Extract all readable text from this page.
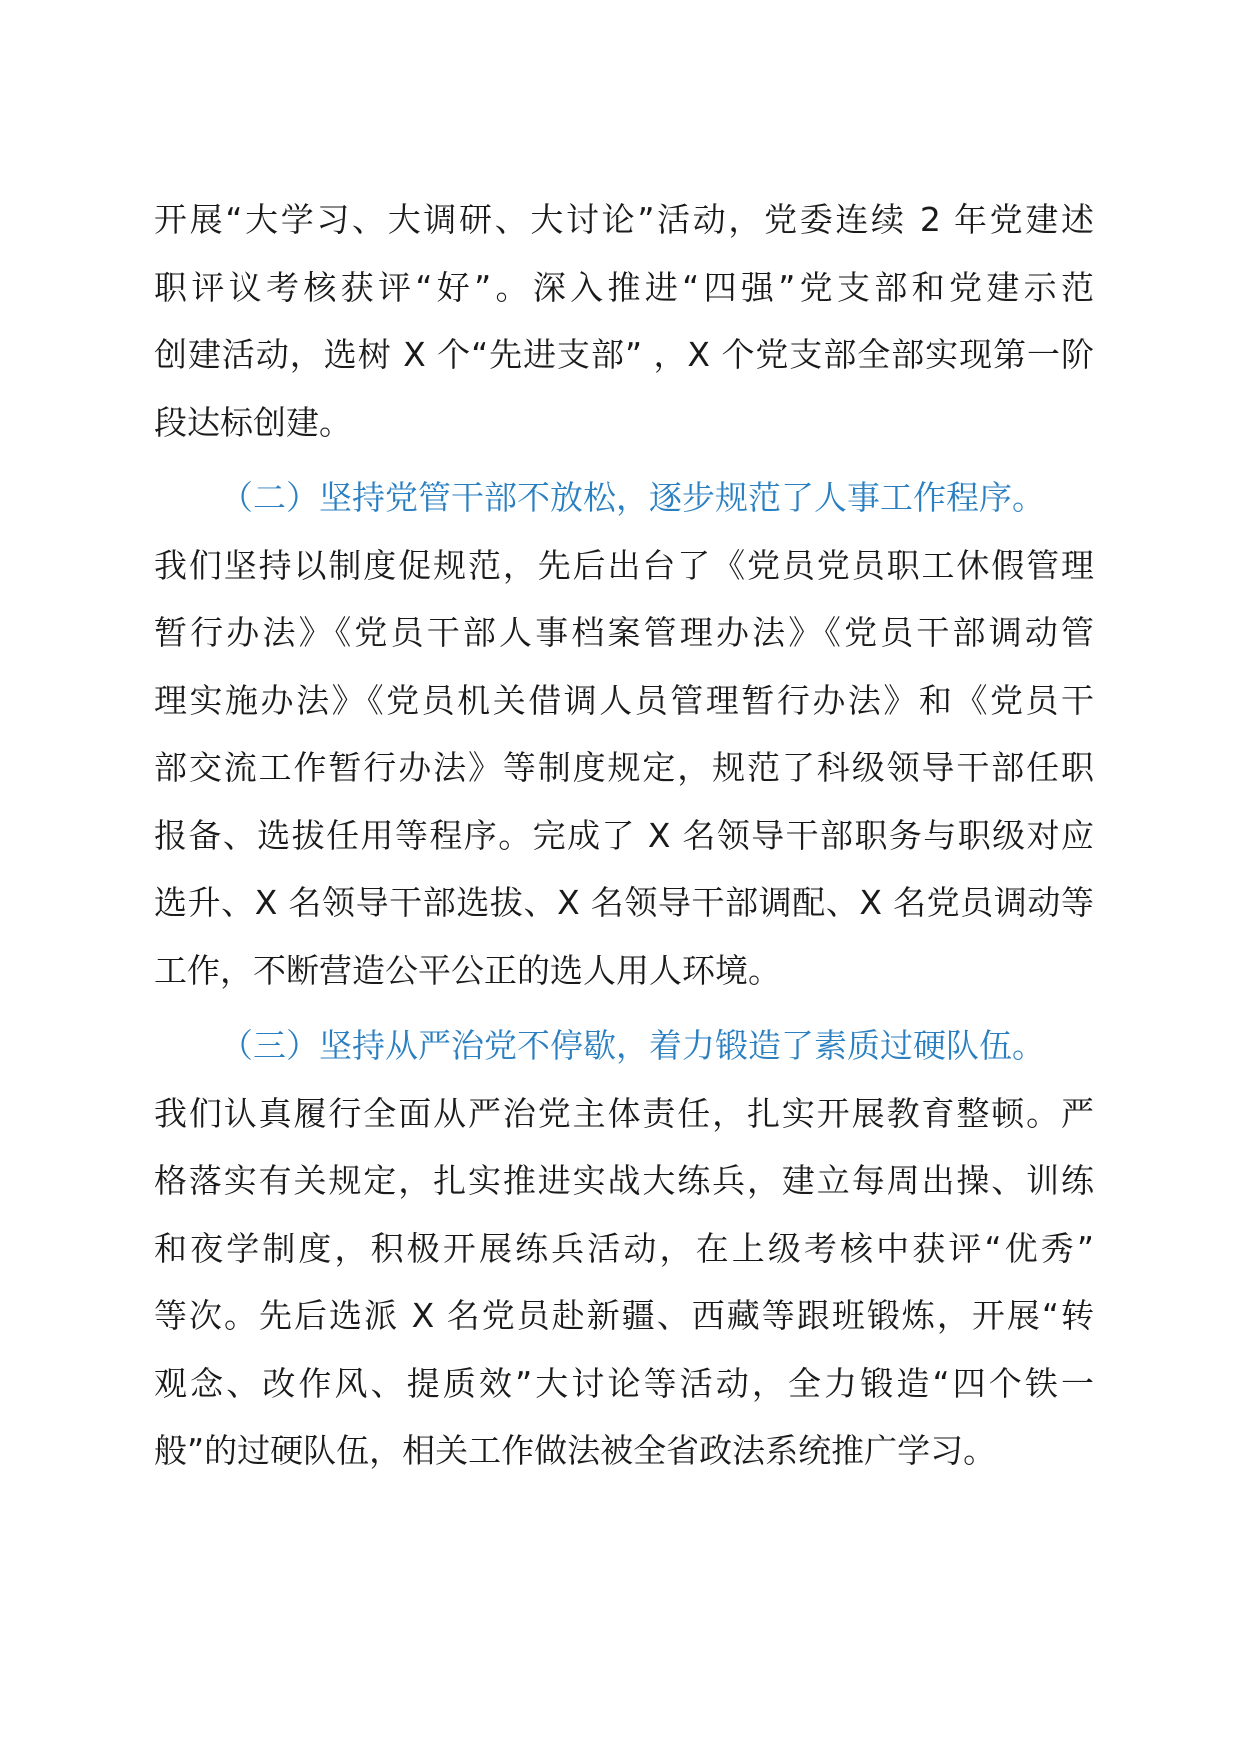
开展“大学习、大调研、大讨论”活动，党委连续 2 年党建述
职评议考核获评“好”。深入推进“四强”党支部和党建示范
创建活动，选树 X 个“先进支部” ，X 个党支部全部实现第一阶
段达标创建。
（二）坚持党管干部不放松，逐步规范了人事工作程序。
我们坚持以制度促规范，先后出台了《党员党员职工休假管理
暂行办法》《党员干部人事档案管理办法》《党员干部调动管
理实施办法》《党员机关借调人员管理暂行办法》和《党员干
部交流工作暂行办法》等制度规定，规范了科级领导干部任职
报备、选拔任用等程序。完成了 X 名领导干部职务与职级对应
选升、X 名领导干部选拔、X 名领导干部调配、X 名党员调动等
工作，不断营造公平公正的选人用人环境。
（三）坚持从严治党不停歇，着力锻造了素质过硬队伍。
我们认真履行全面从严治党主体责任，扎实开展教育整顿。严
格落实有关规定，扎实推进实战大练兵，建立每周出操、训练
和夜学制度，积极开展练兵活动，在上级考核中获评“优秀”
等次。先后选派 X 名党员赴新疆、西藏等跟班锻炼，开展“转
观念、改作风、提质效”大讨论等活动，全力锻造“四个铁一
般”的过硬队伍，相关工作做法被全省政法系统推广学习。
